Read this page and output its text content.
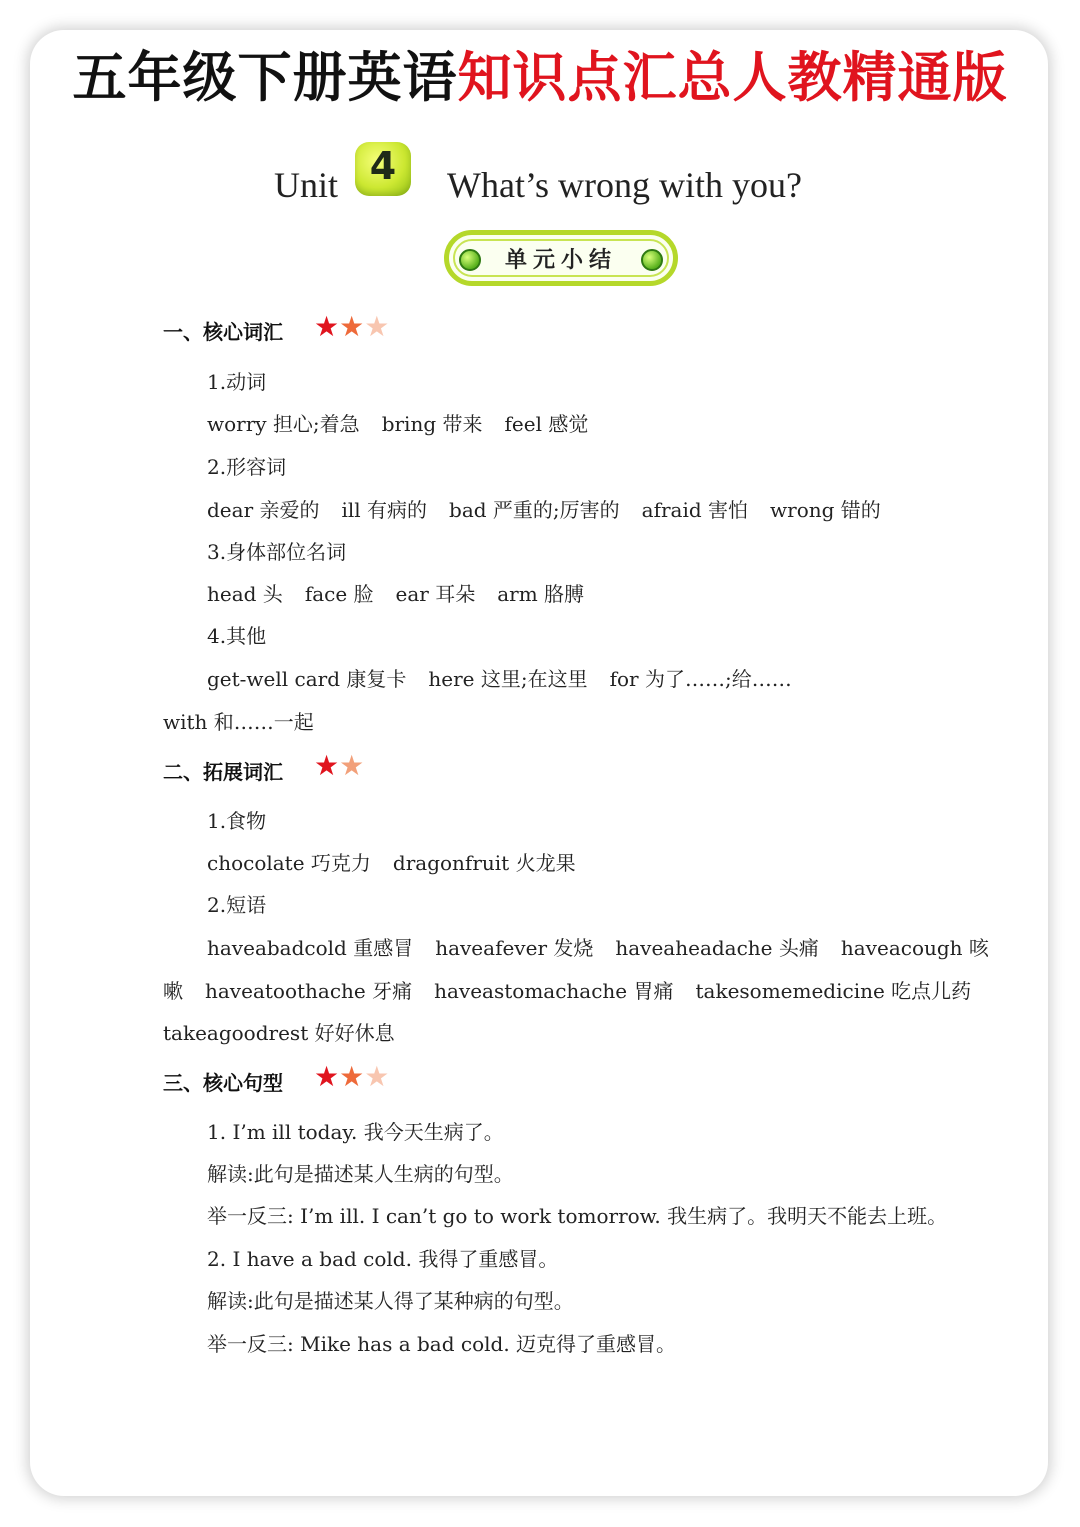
五年级下册英语知识点汇总人教精通版
Unit 4	What’s wrong with you?
单元小结
一、核心词汇 ★★★
1.动词
worry 担心;着急 bring 带来 feel 感觉
2.形容词
dear 亲爱的 ill 有病的 bad 严重的;厉害的 afraid 害怕 wrong 错的
3.身体部位名词
head 头 face 脸 ear 耳朵 arm 胳膊
4.其他
get-well card 康复卡 here 这里;在这里 for 为了……;给……
with 和……一起
二、拓展词汇 ★★
1.食物
chocolate 巧克力 dragonfruit 火龙果
2.短语
haveabadcold 重感冒 haveafever 发烧 haveaheadache 头痛 haveacough 咳
嗽 haveatoothache 牙痛 haveastomachache 胃痛 takesomemedicine 吃点儿药
takeagoodrest 好好休息
三、核心句型 ★★★
1. I’m ill today. 我今天生病了。
解读:此句是描述某人生病的句型。
举一反三: I’m ill. I can’t go to work tomorrow. 我生病了。我明天不能去上班。
2. I have a bad cold. 我得了重感冒。
解读:此句是描述某人得了某种病的句型。
举一反三: Mike has a bad cold. 迈克得了重感冒。
